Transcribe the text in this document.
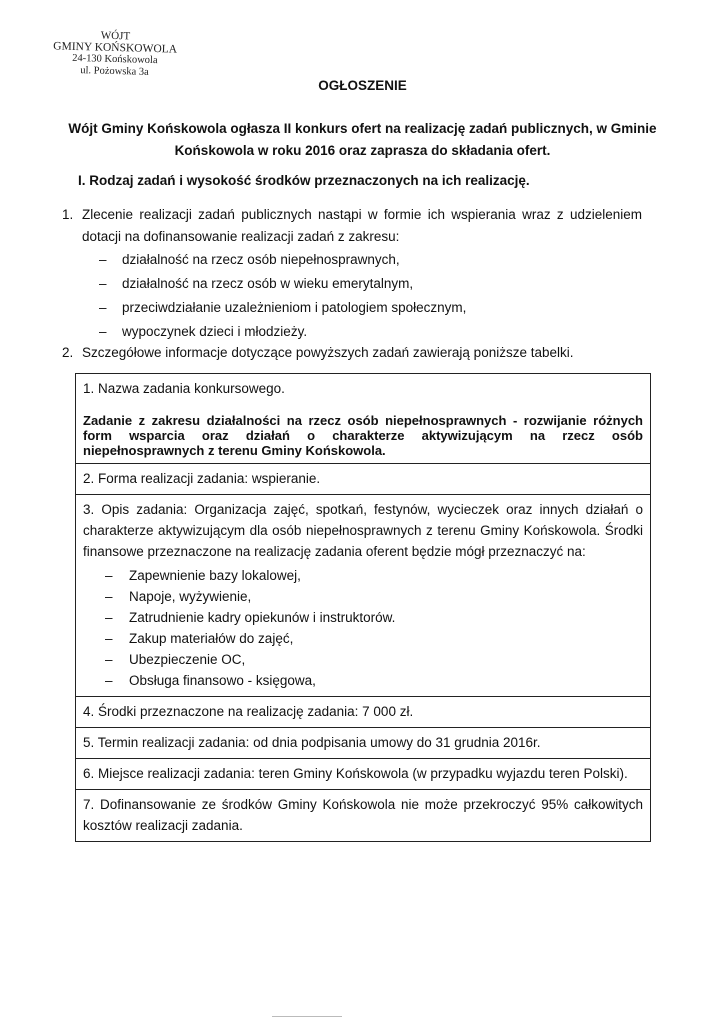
WÓJT
GMINY KOŃSKOWOLA
24-130 Końskowola
ul. Pożowska 3a
OGŁOSZENIE
Wójt Gminy Końskowola ogłasza II konkurs ofert na realizację zadań publicznych, w Gminie Końskowola w roku 2016 oraz zaprasza do składania ofert.
I. Rodzaj zadań i wysokość środków przeznaczonych na ich realizację.
1. Zlecenie realizacji zadań publicznych nastąpi w formie ich wspierania wraz z udzieleniem dotacji na dofinansowanie realizacji zadań z zakresu:
– działalność na rzecz osób niepełnosprawnych,
– działalność na rzecz osób w wieku emerytalnym,
– przeciwdziałanie uzależnieniom i patologiem społecznym,
– wypoczynek dzieci i młodzieży.
2. Szczegółowe informacje dotyczące powyższych zadań zawierają poniższe tabelki.
1. Nazwa zadania konkursowego.
Zadanie z zakresu działalności na rzecz osób niepełnosprawnych - rozwijanie różnych form wsparcia oraz działań o charakterze aktywizującym na rzecz osób niepełnosprawnych z terenu Gminy Końskowola.
2. Forma realizacji zadania: wspieranie.
3. Opis zadania: Organizacja zajęć, spotkań, festynów, wycieczek oraz innych działań o charakterze aktywizującym dla osób niepełnosprawnych z terenu Gminy Końskowola. Środki finansowe przeznaczone na realizację zadania oferent będzie mógł przeznaczyć na:
– Zapewnienie bazy lokalowej,
– Napoje, wyżywienie,
– Zatrudnienie kadry opiekunów i instruktorów.
– Zakup materiałów do zajęć,
– Ubezpieczenie OC,
– Obsługa finansowo - księgowa,
4. Środki przeznaczone na realizację zadania: 7 000 zł.
5. Termin realizacji zadania: od dnia podpisania umowy do 31 grudnia 2016r.
6. Miejsce realizacji zadania: teren Gminy Końskowola (w przypadku wyjazdu teren Polski).
7. Dofinansowanie ze środków Gminy Końskowola nie może przekroczyć 95% całkowitych kosztów realizacji zadania.
